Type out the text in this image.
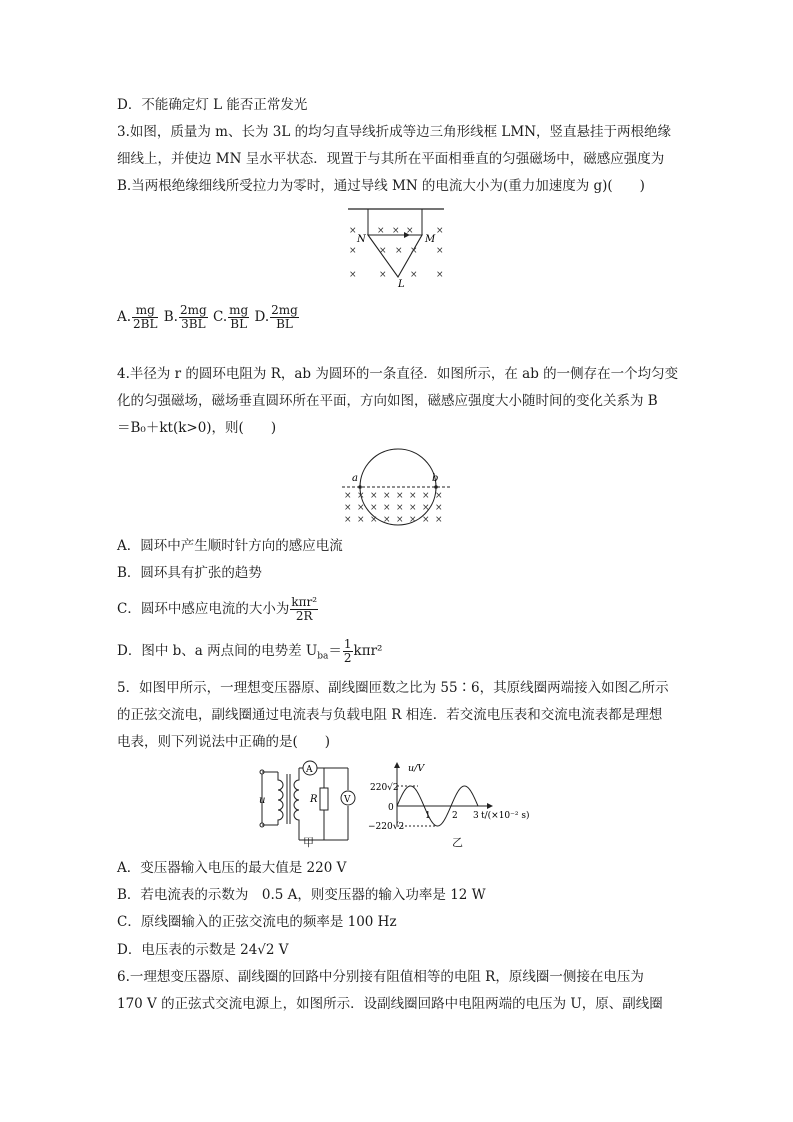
D．不能确定灯 L 能否正常发光
3.如图，质量为 m、长为 3L 的均匀直导线折成等边三角形线框 LMN，竖直悬挂于两根绝缘
细线上，并使边 MN 呈水平状态．现置于与其所在平面相垂直的匀强磁场中，磁感应强度为
B.当两根绝缘细线所受拉力为零时，通过导线 MN 的电流大小为(重力加速度为 g)(　　)
× × × × ×
× × × × ×
× ×	× ×
N	M
L
A. $\frac{mg}{2BL} B$. $\frac{2mg}{3BL} C$. $\frac{mg}{BL} D$. $\frac{2mg}{BL}$
4.半径为 r 的圆环电阻为 R，ab 为圆环的一条直径．如图所示，在 ab 的一侧存在一个均匀变
化的匀强磁场，磁场垂直圆环所在平面，方向如图，磁感应强度大小随时间的变化关系为 B
＝B₀＋kt(k>0)，则(　　)
a	b
× × × × × × × ×
× × × × × × × ×
× × × × × × × ×
A．圆环中产生顺时针方向的感应电流
B．圆环具有扩张的趋势
C．圆环中感应电流的大小为 $\frac{\text{kπr²}}{2R}$
D．图中 b、a 两点间的电势差 $U_{ba}= \frac{1}{2} k\pi r^2$
5．如图甲所示，一理想变压器原、副线圈匝数之比为 55∶6，其原线圈两端接入如图乙所示
的正弦交流电，副线圈通过电流表与负载电阻 R 相连．若交流电压表和交流电流表都是理想
电表，则下列说法中正确的是(　　)
u
A
R	V
甲
u/V
220√2
0
−220√2
1 2 3 t/(×10⁻² s)
乙
A．变压器输入电压的最大值是 220 V
B．若电流表的示数为　0.5 A，则变压器的输入功率是 12 W
C．原线圈输入的正弦交流电的频率是 100 Hz
D．电压表的示数是 24√2 V
6.一理想变压器原、副线圈的回路中分别接有阻值相等的电阻 R，原线圈一侧接在电压为
170 V 的正弦式交流电源上，如图所示．设副线圈回路中电阻两端的电压为 U，原、副线圈
